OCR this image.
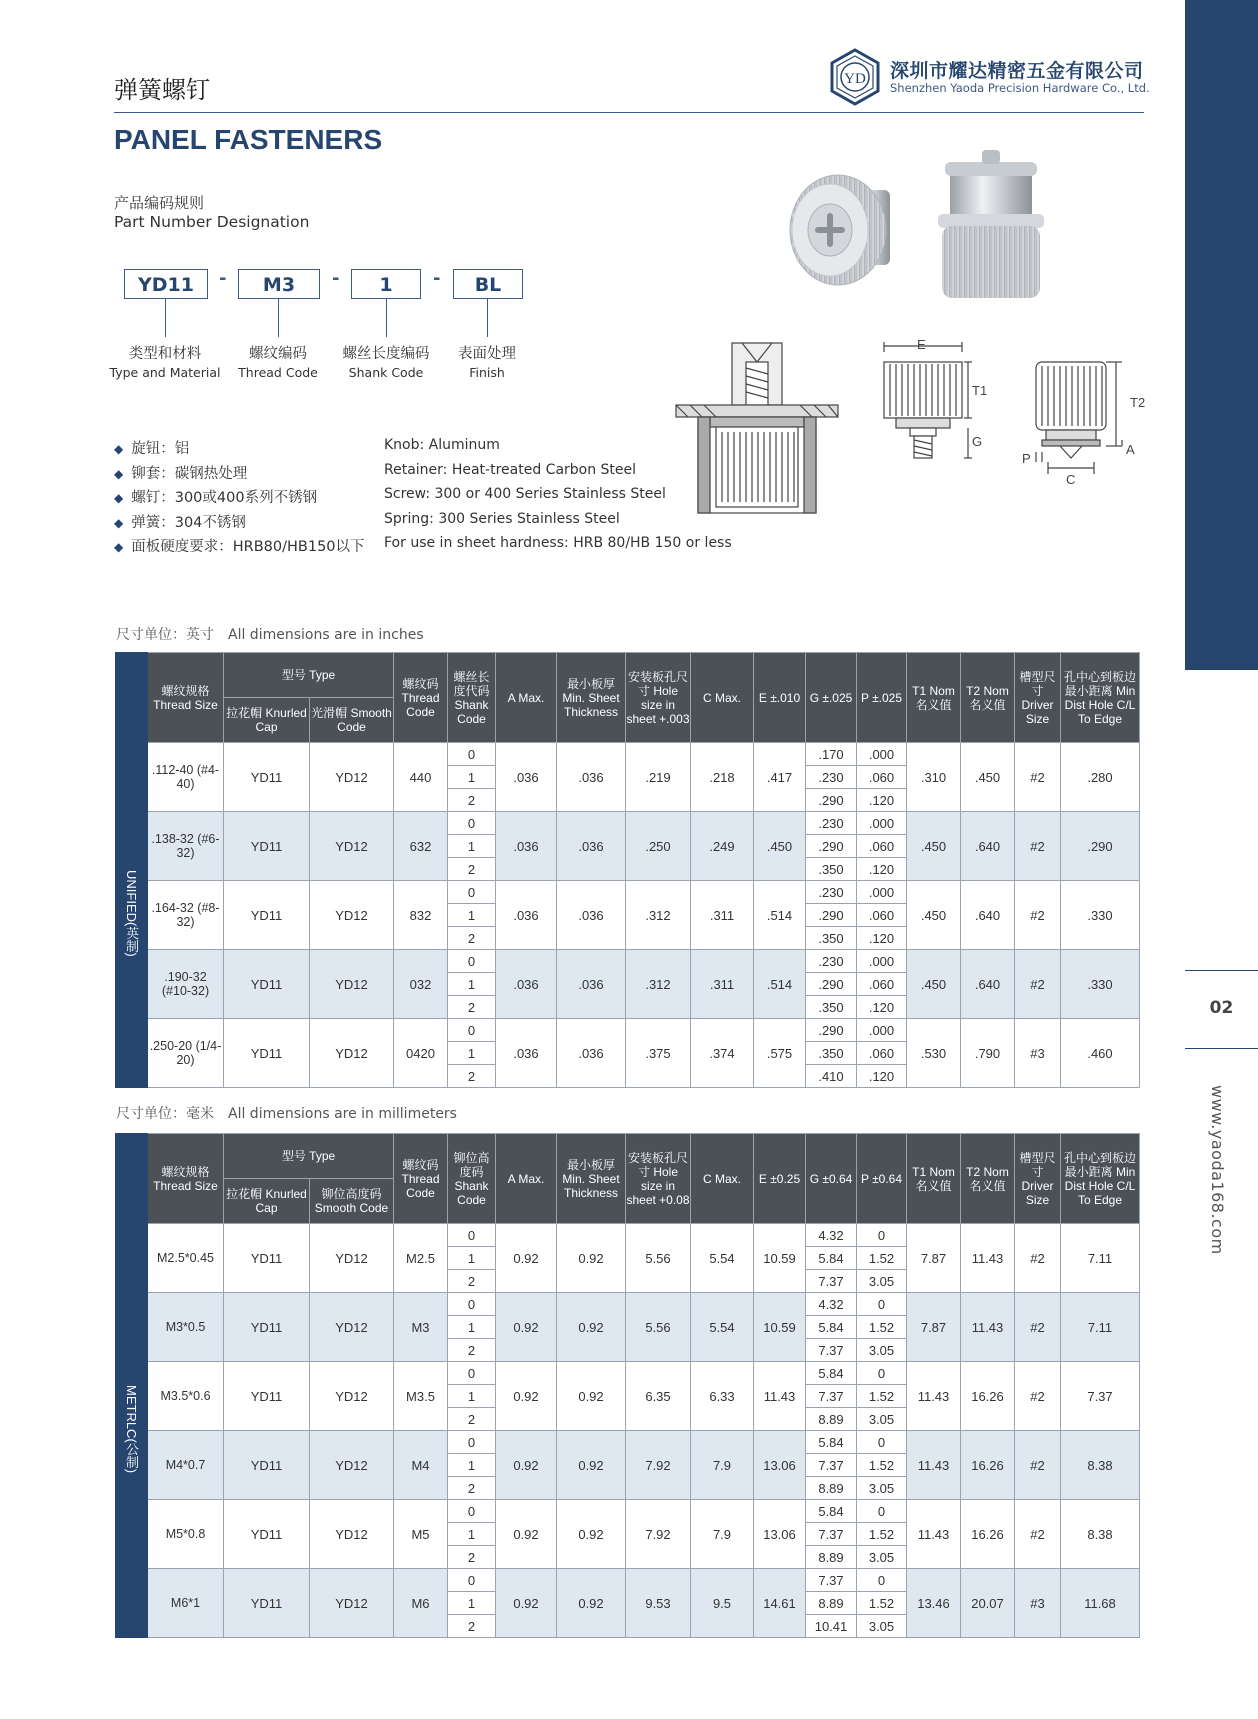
02
www.yaoda168.com
弹簧螺钉	YD 深圳市耀达精密五金有限公司
Shenzhen Yaoda Precision Hardware Co., Ltd.
PANEL FASTENERS
产品编码规则
Part Number Designation
YD11	-	M3	-	1	-	BL
类型和材料
Type and Material
螺纹编码
Thread Code
螺丝长度编码
Shank Code
表面处理
Finish
◆ 旋钮：铝
◆ 铆套：碳钢热处理
◆ 螺钉：300或400系列不锈钢
◆ 弹簧：304不锈钢
◆ 面板硬度要求：HRB80/HB150以下
Knob: Aluminum
Retainer: Heat-treated Carbon Steel
Screw: 300 or 400 Series Stainless Steel
Spring: 300 Series Stainless Steel
For use in sheet hardness: HRB 80/HB 150 or less
E
T1
G
T2
P
C
A
尺寸单位：英寸 All dimensions are in inches
	螺纹规格 Thread Size	型号 Type		螺纹码 Thread Code	螺丝长度代码 Shank Code	A Max.	最小板厚 Min. Sheet Thickness	安装板孔尺寸 Hole size in sheet +.003	C Max.	E ±.010	G ±.025	P ±.025	T1 Nom 名义值	T2 Nom 名义值	槽型尺寸 Driver Size	孔中心到板边最小距离 Min Dist Hole C/L To Edge
		拉花帽 Knurled Cap	光滑帽 Smooth Code													
UNIFIED(英制)	.112-40 (#4-40)	YD11	YD12	440	0	.036	.036	.219	.218	.417	.170	.000	.310	.450	#2	.280
					1						.230	.060				
					2						.290	.120				
	.138-32 (#6-32)	YD11	YD12	632	0	.036	.036	.250	.249	.450	.230	.000	.450	.640	#2	.290
					1						.290	.060				
					2						.350	.120				
	.164-32 (#8-32)	YD11	YD12	832	0	.036	.036	.312	.311	.514	.230	.000	.450	.640	#2	.330
					1						.290	.060				
					2						.350	.120				
	.190-32 (#10-32)	YD11	YD12	032	0	.036	.036	.312	.311	.514	.230	.000	.450	.640	#2	.330
					1						.290	.060				
					2						.350	.120				
	.250-20 (1/4-20)	YD11	YD12	0420	0	.036	.036	.375	.374	.575	.290	.000	.530	.790	#3	.460
					1						.350	.060				
					2						.410	.120				
尺寸单位：毫米 All dimensions are in millimeters
	螺纹规格 Thread Size	型号 Type		螺纹码 Thread Code	铆位高度码 Shank Code	A Max.	最小板厚 Min. Sheet Thickness	安装板孔尺寸 Hole size in sheet +0.08	C Max.	E ±0.25	G ±0.64	P ±0.64	T1 Nom 名义值	T2 Nom 名义值	槽型尺寸 Driver Size	孔中心到板边最小距离 Min Dist Hole C/L To Edge
		拉花帽 Knurled Cap	铆位高度码 Smooth Code													
METRLC(公制)	M2.5*0.45	YD11	YD12	M2.5	0	0.92	0.92	5.56	5.54	10.59	4.32	0	7.87	11.43	#2	7.11
					1						5.84	1.52				
					2						7.37	3.05				
	M3*0.5	YD11	YD12	M3	0	0.92	0.92	5.56	5.54	10.59	4.32	0	7.87	11.43	#2	7.11
					1						5.84	1.52				
					2						7.37	3.05				
	M3.5*0.6	YD11	YD12	M3.5	0	0.92	0.92	6.35	6.33	11.43	5.84	0	11.43	16.26	#2	7.37
					1						7.37	1.52				
					2						8.89	3.05				
	M4*0.7	YD11	YD12	M4	0	0.92	0.92	7.92	7.9	13.06	5.84	0	11.43	16.26	#2	8.38
					1						7.37	1.52				
					2						8.89	3.05				
	M5*0.8	YD11	YD12	M5	0	0.92	0.92	7.92	7.9	13.06	5.84	0	11.43	16.26	#2	8.38
					1						7.37	1.52				
					2						8.89	3.05				
	M6*1	YD11	YD12	M6	0	0.92	0.92	9.53	9.5	14.61	7.37	0	13.46	20.07	#3	11.68
					1						8.89	1.52				
					2						10.41	3.05				
